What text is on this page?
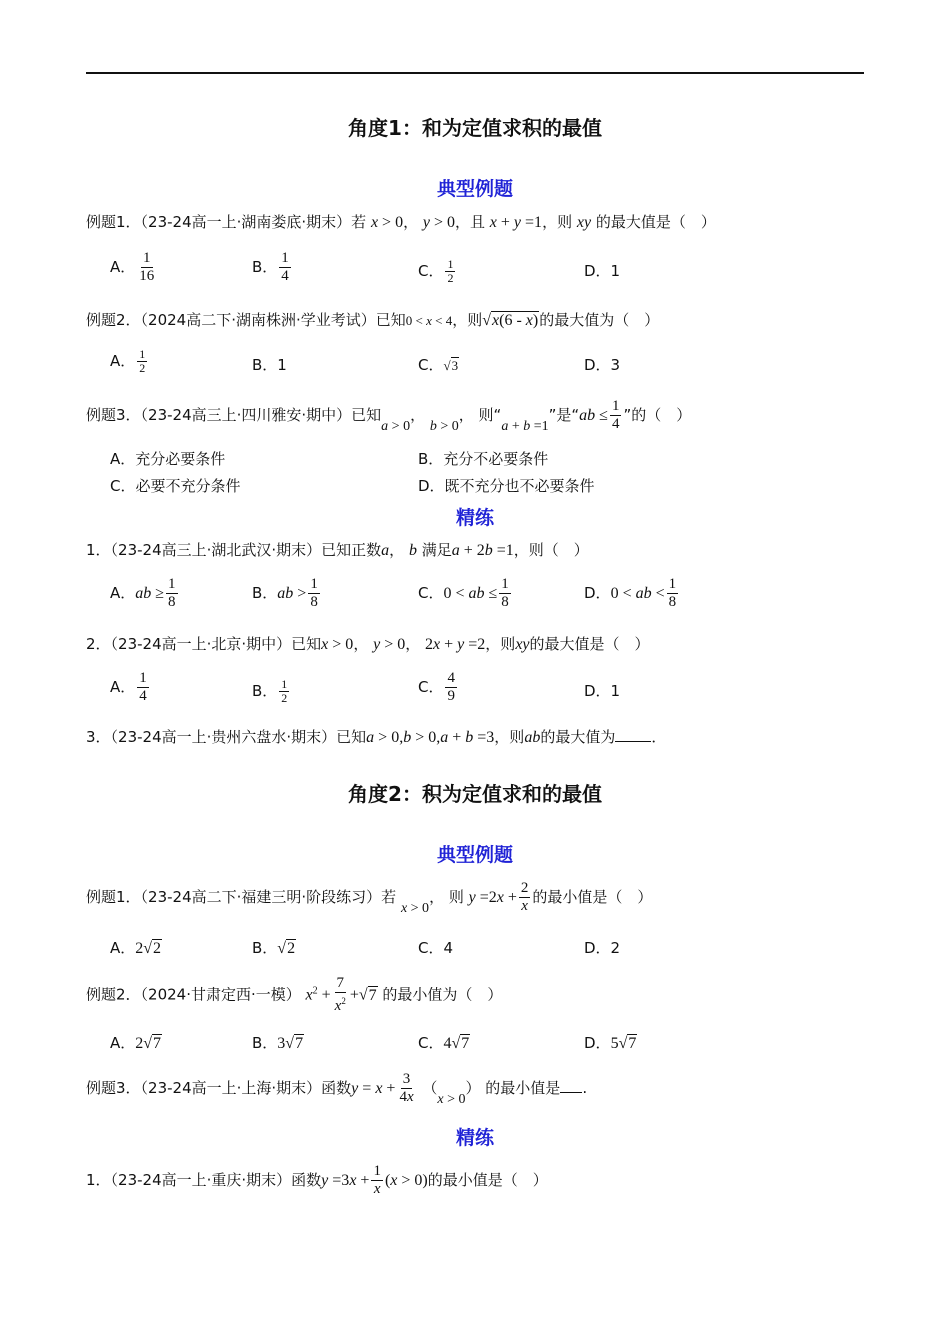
角度1：和为定值求积的最值
典型例题
例题1．（23-24高一上·湖南娄底·期末）若 x > 0， y > 0，且 x + y =1，则 xy 的最大值是（　）
A． $\frac{1}{16}$	B． $\frac{1}{4}$	C． $\frac{1}{2}$	D．1
例题2．（2024高二下·湖南株洲·学业考试）已知0 < x < 4，则√x(6 - x)的最大值为（　）
A． $\frac{1}{2}$	B．1	C．√3	D．3
例题3．（23-24高三上·四川雅安·期中）已知a > 0， b > 0， 则“a + b =1”是“ab ≤ $\frac{1}{4}$ ”的（　）
A．充分必要条件	B．充分不必要条件
C．必要不充分条件	D．既不充分也不必要条件
精练
1．（23-24高三上·湖北武汉·期末）已知正数a， b 满足a + 2b =1，则（　）
A．ab ≥ $\frac{1}{8}$	B．ab > $\frac{1}{8}$	C．0 < ab ≤ $\frac{1}{8}$	D．0 < ab < $\frac{1}{8}$
2．（23-24高一上·北京·期中）已知x > 0， y > 0， 2x + y =2，则xy的最大值是（　）
A． $\frac{1}{4}$	B． $\frac{1}{2}$	C． $\frac{4}{9}$	D．1
3．（23-24高一上·贵州六盘水·期末）已知a > 0,b > 0,a + b =3，则ab的最大值为 ．
角度2：积为定值求和的最值
典型例题
例题1．（23-24高二下·福建三明·阶段练习）若 x > 0， 则 $y =2x + \frac{2}{x}$ 的最小值是（　）
A．2√2	B．√2	C．4	D．2
例题2．（2024·甘肃定西·一模） $x^2 + \frac{7}{x^2} +√7$ 的最小值为（　）
A．2√7	B．3√7	C．4√7	D．5√7
例题3．（23-24高一上·上海·期末）函数$y = x + \frac{3}{4x} (x > 0)$ 的最小值是 .
精练
1．（23-24高一上·重庆·期末）函数$y =3x + \frac{1}{x} (x > 0)$的最小值是（　）
